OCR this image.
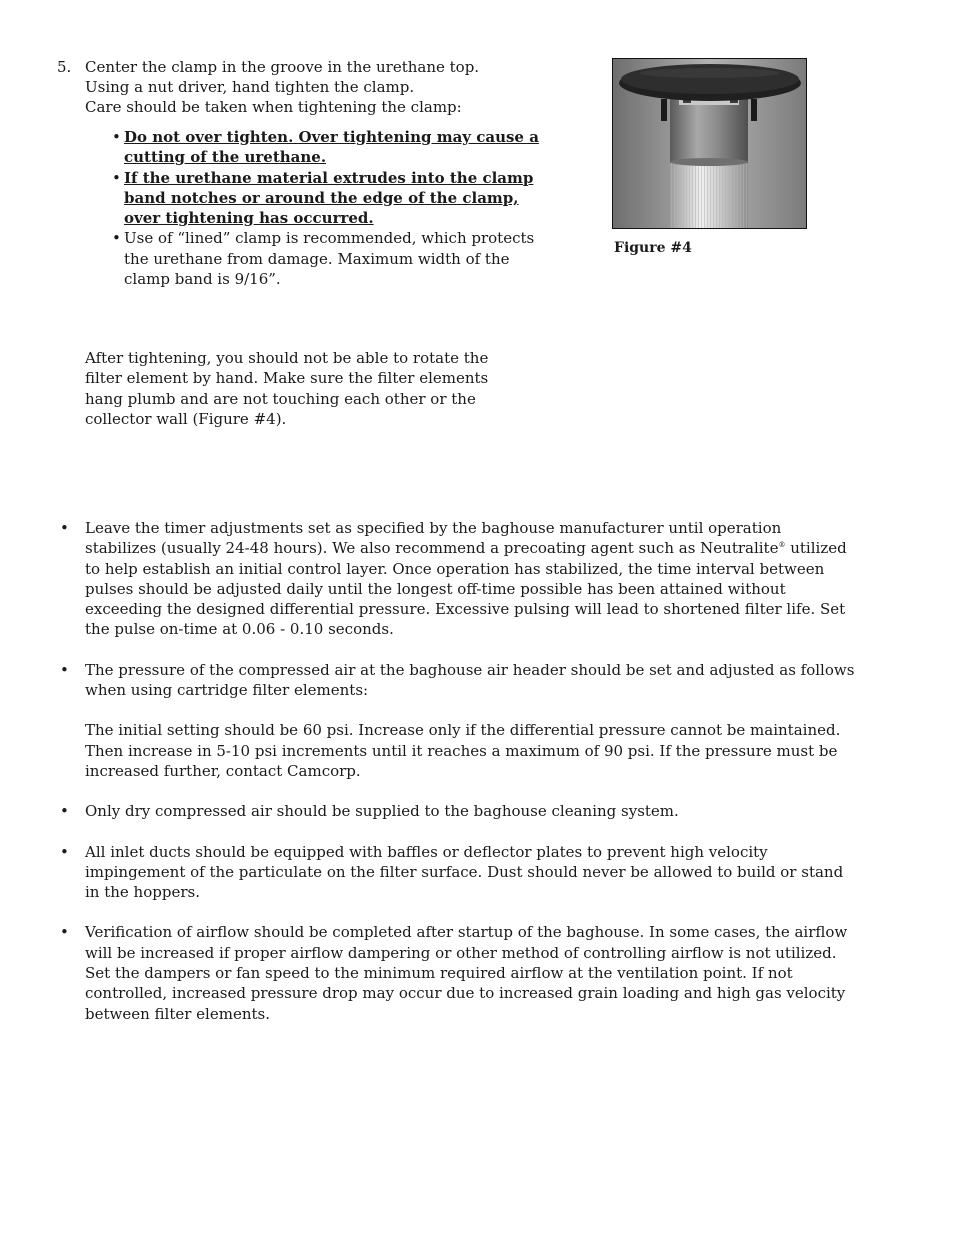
5. Center the clamp in the groove in the urethane top.
Using a nut driver, hand tighten the clamp.
Care should be taken when tightening the clamp:
• Do not over tighten. Over tightening may cause a cutting of the urethane.
• If the urethane material extrudes into the clamp band notches or around the edge of the clamp, over tightening has occurred.
• Use of “lined” clamp is recommended, which protects the urethane from damage. Maximum width of the clamp band is 9/16”.
Figure #4
After tightening, you should not be able to rotate the filter element by hand. Make sure the filter elements hang plumb and are not touching each other or the collector wall (Figure #4).
• Leave the timer adjustments set as specified by the baghouse manufacturer until operation stabilizes (usually 24-48 hours). We also recommend a precoating agent such as Neutralite® utilized to help establish an initial control layer. Once operation has stabilized, the time interval between pulses should be adjusted daily until the longest off-time possible has been attained without exceeding the designed differential pressure. Excessive pulsing will lead to shortened filter life. Set the pulse on-time at 0.06 - 0.10 seconds.

• The pressure of the compressed air at the baghouse air header should be set and adjusted as follows when using cartridge filter elements:

The initial setting should be 60 psi. Increase only if the differential pressure cannot be maintained. Then increase in 5-10 psi increments until it reaches a maximum of 90 psi. If the pressure must be increased further, contact Camcorp.

• Only dry compressed air should be supplied to the baghouse cleaning system.

• All inlet ducts should be equipped with baffles or deflector plates to prevent high velocity impingement of the particulate on the filter surface. Dust should never be allowed to build or stand in the hoppers.

• Verification of airflow should be completed after startup of the baghouse. In some cases, the airflow will be increased if proper airflow dampering or other method of controlling airflow is not utilized. Set the dampers or fan speed to the minimum required airflow at the ventilation point. If not controlled, increased pressure drop may occur due to increased grain loading and high gas velocity between filter elements.
